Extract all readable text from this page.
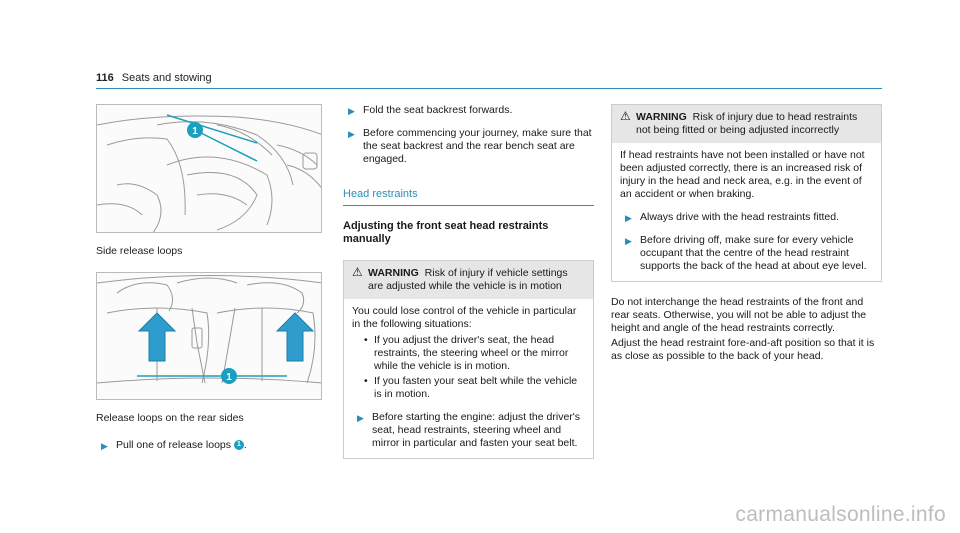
116 Seats and stowing
1
Side release loops
1
Release loops on the rear sides
▶ Pull one of release loops 1 .
▶ Fold the seat backrest forwards.
▶ Before commencing your journey, make sure that the seat backrest and the rear bench seat are engaged.
Head restraints
Adjusting the front seat head restraints manually
⚠ WARNING Risk of injury if vehicle settings are adjusted while the vehicle is in motion
You could lose control of the vehicle in particular in the following situations:
• If you adjust the driver's seat, the head restraints, the steering wheel or the mirror while the vehicle is in motion.
• If you fasten your seat belt while the vehicle is in motion.
▶ Before starting the engine: adjust the driver's seat, head restraints, steering wheel and mirror in particular and fasten your seat belt.
⚠ WARNING Risk of injury due to head restraints not being fitted or being adjusted incorrectly
If head restraints have not been installed or have not been adjusted correctly, there is an increased risk of injury in the head and neck area, e.g. in the event of an accident or when braking.
▶ Always drive with the head restraints fitted.
▶ Before driving off, make sure for every vehicle occupant that the centre of the head restraint supports the back of the head at about eye level.
Do not interchange the head restraints of the front and rear seats. Otherwise, you will not be able to adjust the height and angle of the head restraints correctly.
Adjust the head restraint fore-and-aft position so that it is as close as possible to the back of your head.
carmanualsonline.info
